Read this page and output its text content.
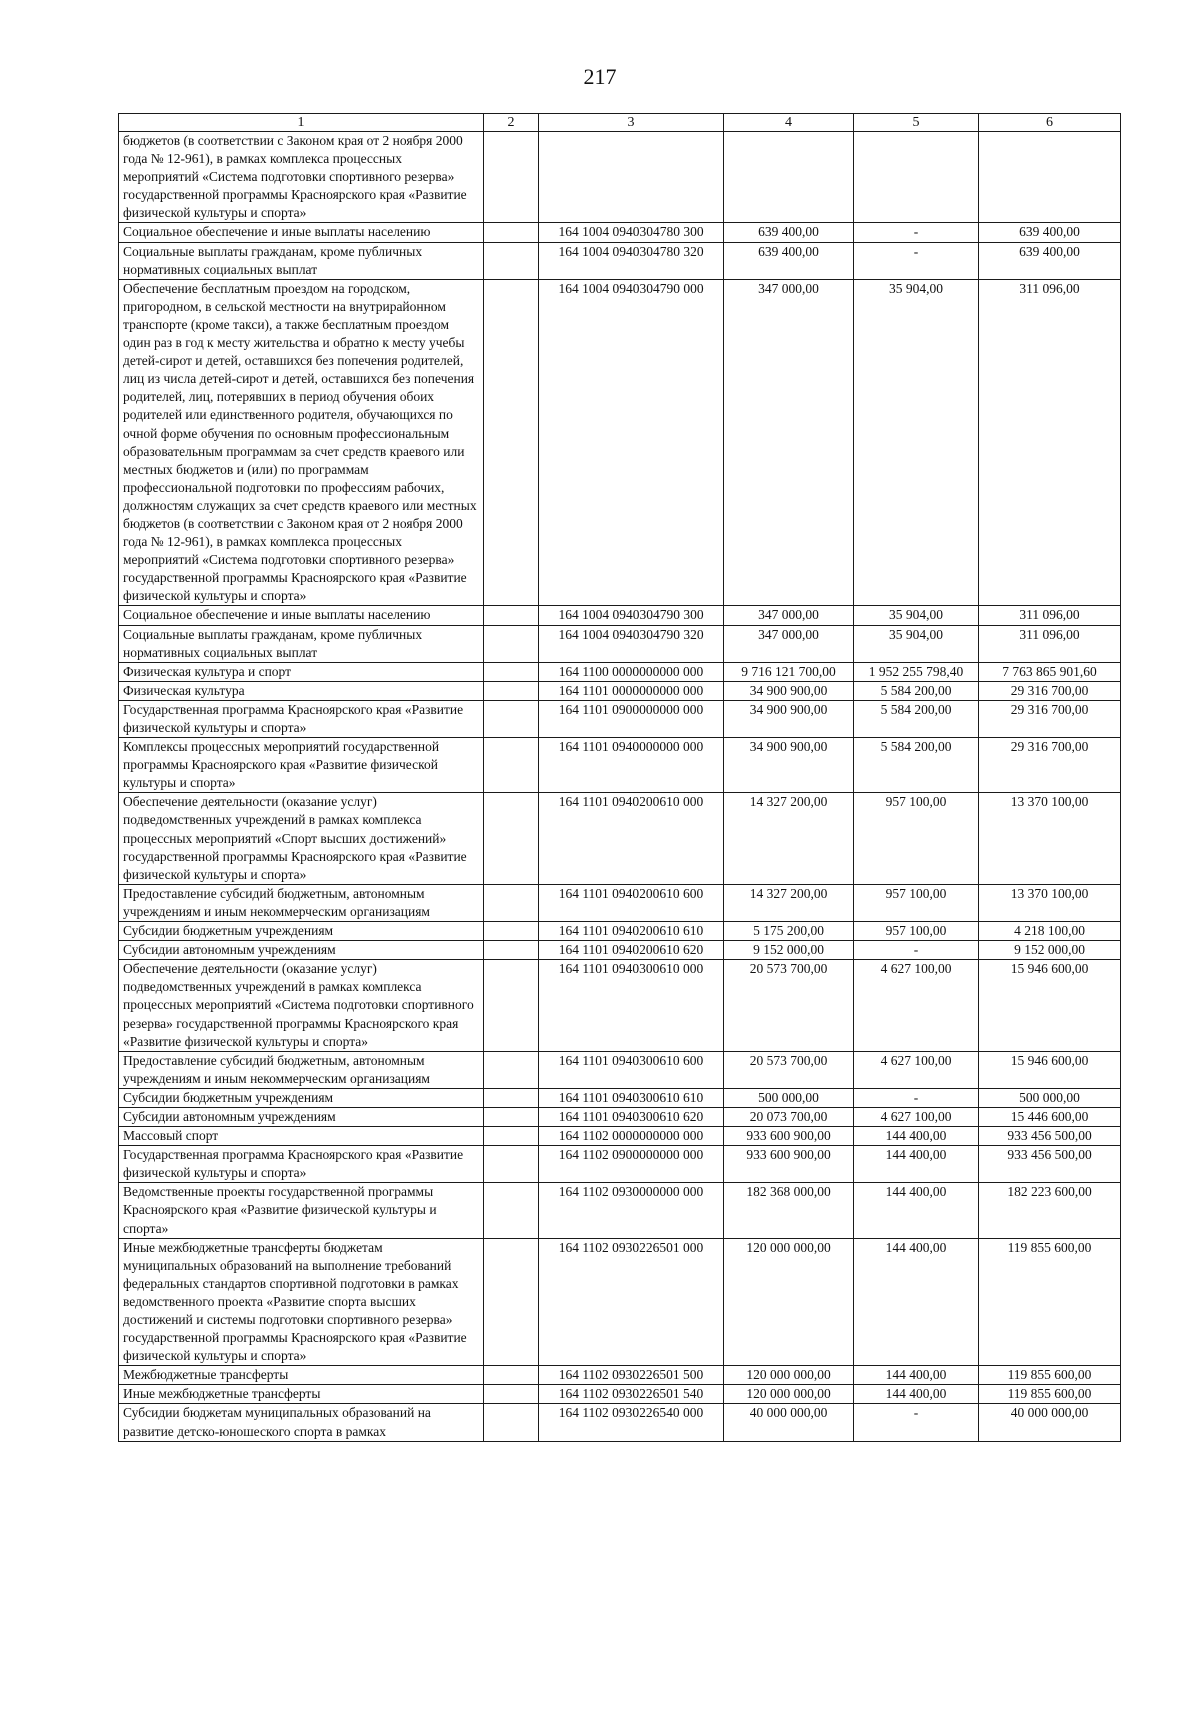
217
1	2	3	4	5	6
бюджетов (в соответствии с Законом края от 2 ноября 2000 года № 12-961), в рамках комплекса процессных мероприятий «Система подготовки спортивного резерва» государственной программы Красноярского края «Развитие физической культуры и спорта»					
Социальное обеспечение и иные выплаты населению		164 1004 0940304780 300	639 400,00	-	639 400,00
Социальные выплаты гражданам, кроме публичных нормативных социальных выплат		164 1004 0940304780 320	639 400,00	-	639 400,00
Обеспечение бесплатным проездом на городском, пригородном, в сельской местности на внутрирайонном транспорте (кроме такси), а также бесплатным проездом один раз в год к месту жительства и обратно к месту учебы детей-сирот и детей, оставшихся без попечения родителей, лиц из числа детей-сирот и детей, оставшихся без попечения родителей, лиц, потерявших в период обучения обоих родителей или единственного родителя, обучающихся по очной форме обучения по основным профессиональным образовательным программам за счет средств краевого или местных бюджетов и (или) по программам профессиональной подготовки по профессиям рабочих, должностям служащих за счет средств краевого или местных бюджетов (в соответствии с Законом края от 2 ноября 2000 года № 12-961), в рамках комплекса процессных мероприятий «Система подготовки спортивного резерва» государственной программы Красноярского края «Развитие физической культуры и спорта»		164 1004 0940304790 000	347 000,00	35 904,00	311 096,00
Социальное обеспечение и иные выплаты населению		164 1004 0940304790 300	347 000,00	35 904,00	311 096,00
Социальные выплаты гражданам, кроме публичных нормативных социальных выплат		164 1004 0940304790 320	347 000,00	35 904,00	311 096,00
Физическая культура и спорт		164 1100 0000000000 000	9 716 121 700,00	1 952 255 798,40	7 763 865 901,60
Физическая культура		164 1101 0000000000 000	34 900 900,00	5 584 200,00	29 316 700,00
Государственная программа Красноярского края «Развитие физической культуры и спорта»		164 1101 0900000000 000	34 900 900,00	5 584 200,00	29 316 700,00
Комплексы процессных мероприятий государственной программы Красноярского края «Развитие физической культуры и спорта»		164 1101 0940000000 000	34 900 900,00	5 584 200,00	29 316 700,00
Обеспечение деятельности (оказание услуг) подведомственных учреждений в рамках комплекса процессных мероприятий «Спорт высших достижений» государственной программы Красноярского края «Развитие физической культуры и спорта»		164 1101 0940200610 000	14 327 200,00	957 100,00	13 370 100,00
Предоставление субсидий бюджетным, автономным учреждениям и иным некоммерческим организациям		164 1101 0940200610 600	14 327 200,00	957 100,00	13 370 100,00
Субсидии бюджетным учреждениям		164 1101 0940200610 610	5 175 200,00	957 100,00	4 218 100,00
Субсидии автономным учреждениям		164 1101 0940200610 620	9 152 000,00	-	9 152 000,00
Обеспечение деятельности (оказание услуг) подведомственных учреждений в рамках комплекса процессных мероприятий «Система подготовки спортивного резерва» государственной программы Красноярского края «Развитие физической культуры и спорта»		164 1101 0940300610 000	20 573 700,00	4 627 100,00	15 946 600,00
Предоставление субсидий бюджетным, автономным учреждениям и иным некоммерческим организациям		164 1101 0940300610 600	20 573 700,00	4 627 100,00	15 946 600,00
Субсидии бюджетным учреждениям		164 1101 0940300610 610	500 000,00	-	500 000,00
Субсидии автономным учреждениям		164 1101 0940300610 620	20 073 700,00	4 627 100,00	15 446 600,00
Массовый спорт		164 1102 0000000000 000	933 600 900,00	144 400,00	933 456 500,00
Государственная программа Красноярского края «Развитие физической культуры и спорта»		164 1102 0900000000 000	933 600 900,00	144 400,00	933 456 500,00
Ведомственные проекты государственной программы Красноярского края «Развитие физической культуры и спорта»		164 1102 0930000000 000	182 368 000,00	144 400,00	182 223 600,00
Иные межбюджетные трансферты бюджетам муниципальных образований на выполнение требований федеральных стандартов спортивной подготовки в рамках ведомственного проекта «Развитие спорта высших достижений и системы подготовки спортивного резерва» государственной программы Красноярского края «Развитие физической культуры и спорта»		164 1102 0930226501 000	120 000 000,00	144 400,00	119 855 600,00
Межбюджетные трансферты		164 1102 0930226501 500	120 000 000,00	144 400,00	119 855 600,00
Иные межбюджетные трансферты		164 1102 0930226501 540	120 000 000,00	144 400,00	119 855 600,00
Субсидии бюджетам муниципальных образований на развитие детско-юношеского спорта в рамках		164 1102 0930226540 000	40 000 000,00	-	40 000 000,00
